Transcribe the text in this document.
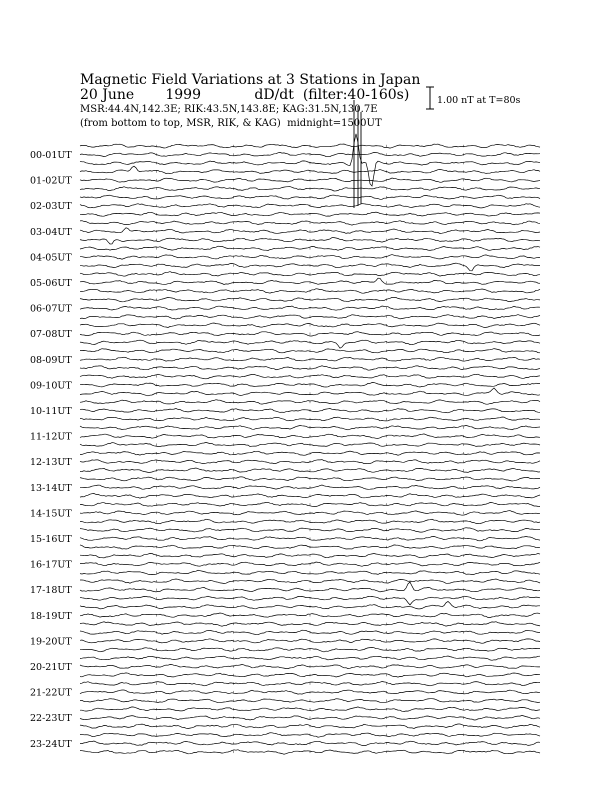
Magnetic Field Variations at 3 Stations in Japan
20 June 1999	dD/dt (filter:40-160s)
MSR:44.4N,142.3E; RIK:43.5N,143.8E; KAG:31.5N,130.7E
(from bottom to top, MSR, RIK, & KAG) midnight=1500UT
1.00 nT at T=80s
00-01UT
01-02UT
02-03UT
03-04UT
04-05UT
05-06UT
06-07UT
07-08UT
08-09UT
09-10UT
10-11UT
11-12UT
12-13UT
13-14UT
14-15UT
15-16UT
16-17UT
17-18UT
18-19UT
19-20UT
20-21UT
21-22UT
22-23UT
23-24UT
